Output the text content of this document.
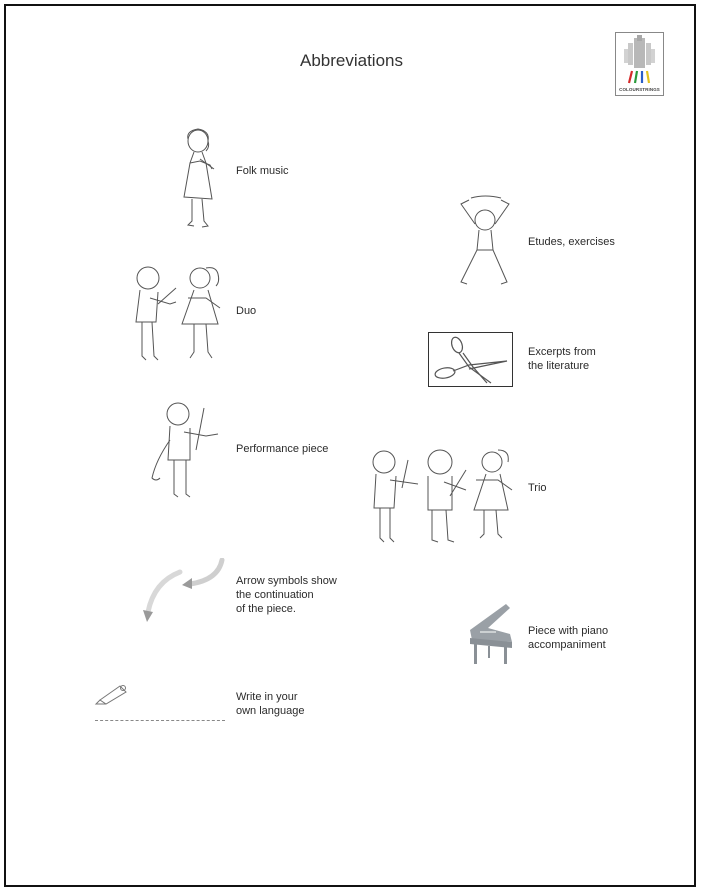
Abbreviations
COLOURSTRINGS
Folk music
Duo
Performance piece
Arrow symbols show
the continuation
of the piece.
Write in your
own language
Etudes, exercises
Excerpts from
the literature
Trio
Piece with piano
accompaniment
